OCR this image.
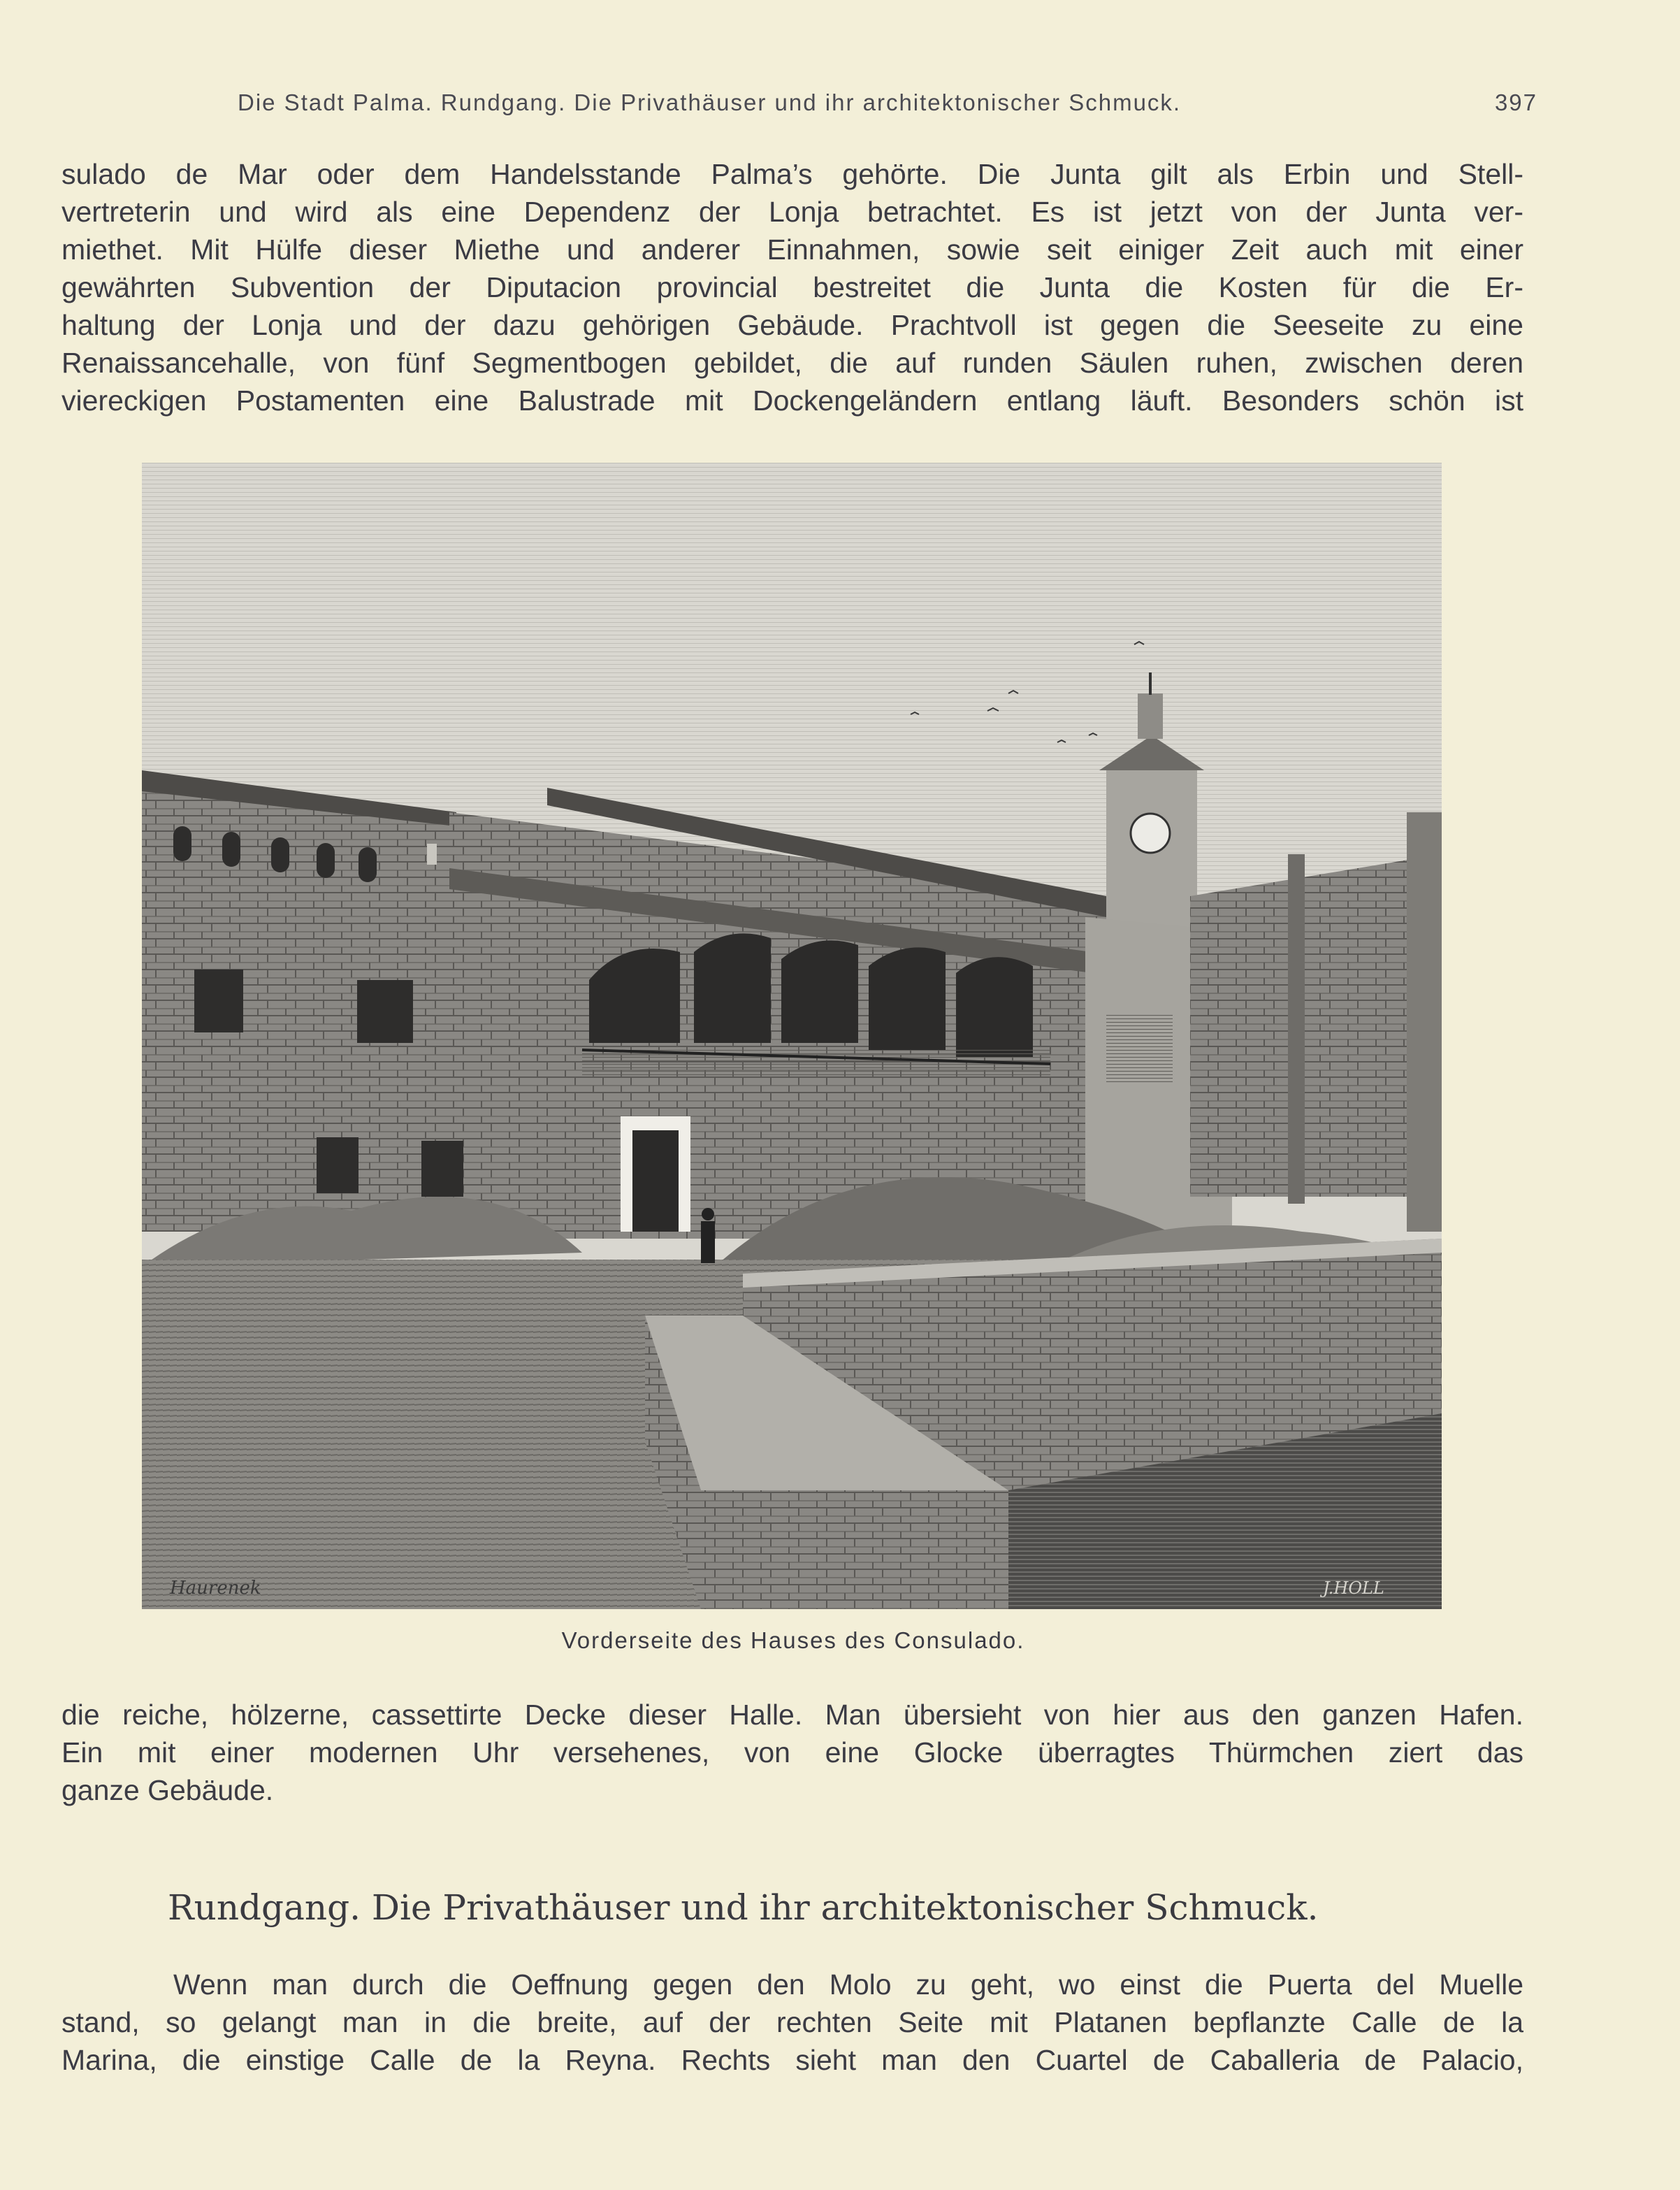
Die Stadt Palma. Rundgang. Die Privathäuser und ihr architektonischer Schmuck.	397
sulado de Mar oder dem Handelsstande Palma’s gehörte. Die Junta gilt als Erbin und Stell-
vertreterin und wird als eine Dependenz der Lonja betrachtet. Es ist jetzt von der Junta ver-
miethet. Mit Hülfe dieser Miethe und anderer Einnahmen, sowie seit einiger Zeit auch mit einer
gewährten Subvention der Diputacion provincial bestreitet die Junta die Kosten für die Er-
haltung der Lonja und der dazu gehörigen Gebäude. Prachtvoll ist gegen die Seeseite zu eine
Renaissancehalle, von fünf Segmentbogen gebildet, die auf runden Säulen ruhen, zwischen deren
viereckigen Postamenten eine Balustrade mit Dockengeländern entlang läuft. Besonders schön ist
Haurenek	J.HOLL
Vorderseite des Hauses des Consulado.
die reiche, hölzerne, cassettirte Decke dieser Halle. Man übersieht von hier aus den ganzen Hafen.
Ein mit einer modernen Uhr versehenes, von eine Glocke überragtes Thürmchen ziert das
ganze Gebäude.
Rundgang. Die Privathäuser und ihr architektonischer Schmuck.
Wenn man durch die Oeffnung gegen den Molo zu geht, wo einst die Puerta del Muelle
stand, so gelangt man in die breite, auf der rechten Seite mit Platanen bepflanzte Calle de la
Marina, die einstige Calle de la Reyna. Rechts sieht man den Cuartel de Caballeria de Palacio,
